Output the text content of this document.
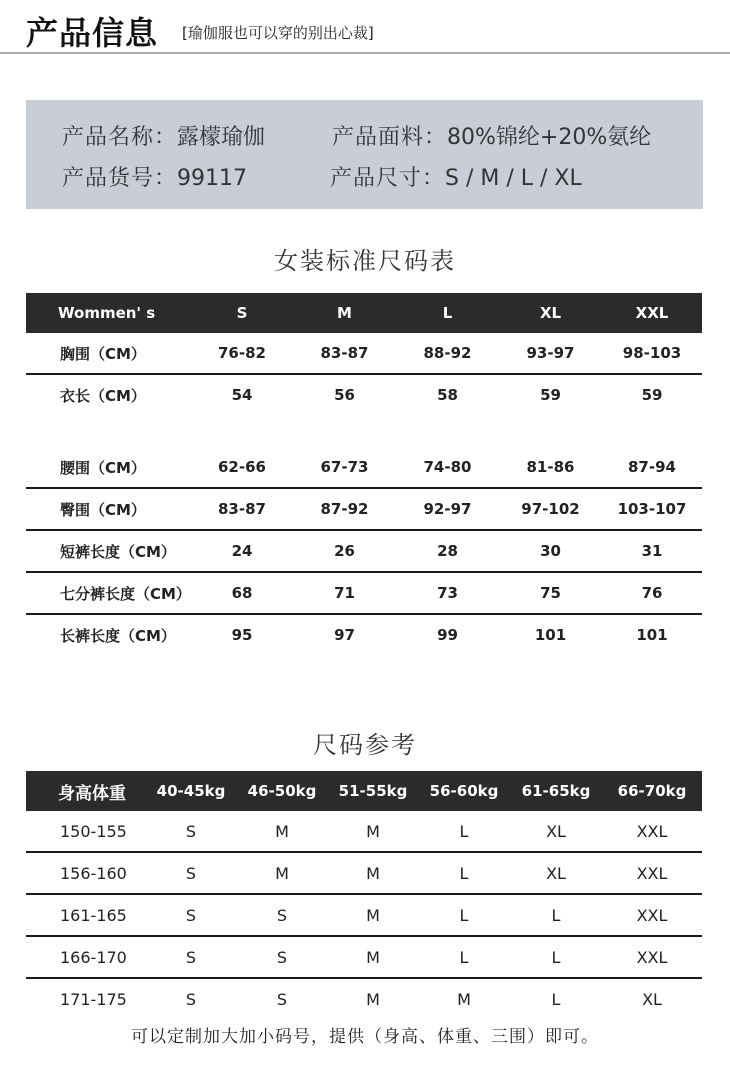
产品信息 [瑜伽服也可以穿的别出心裁]
产品名称：露檬瑜伽	产品面料：80%锦纶+20%氨纶
产品货号：99117	产品尺寸：S / M / L / XL
女装标准尺码表
Wommen' s	S	M	L	XL	XXL
胸围（CM）	76-82	83-87	88-92	93-97	98-103
衣长（CM）	54	56	58	59	59

腰围（CM）	62-66	67-73	74-80	81-86	87-94
臀围（CM）	83-87	87-92	92-97	97-102	103-107
短裤长度（CM）	24	26	28	30	31
七分裤长度（CM）	68	71	73	75	76
长裤长度（CM）	95	97	99	101	101
尺码参考
身高体重	40-45kg	46-50kg	51-55kg	56-60kg	61-65kg	66-70kg
150-155	S	M	M	L	XL	XXL
156-160	S	M	M	L	XL	XXL
161-165	S	S	M	L	L	XXL
166-170	S	S	M	L	L	XXL
171-175	S	S	M	M	L	XL
可以定制加大加小码号，提供（身高、体重、三围）即可。
